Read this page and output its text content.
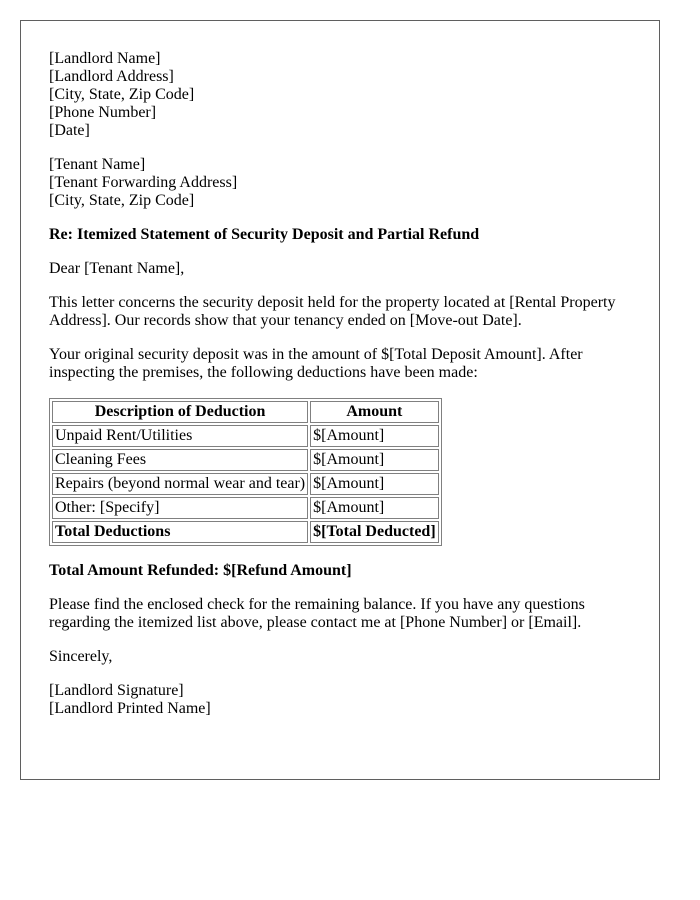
[Landlord Name]
[Landlord Address]
[City, State, Zip Code]
[Phone Number]
[Date]
[Tenant Name]
[Tenant Forwarding Address]
[City, State, Zip Code]

Re: Itemized Statement of Security Deposit and Partial Refund

Dear [Tenant Name],

This letter concerns the security deposit held for the property located at [Rental Property Address]. Our records show that your tenancy ended on [Move-out Date].

Your original security deposit was in the amount of $[Total Deposit Amount]. After inspecting the premises, the following deductions have been made:

Description of Deduction	Amount
Unpaid Rent/Utilities	$[Amount]
Cleaning Fees	$[Amount]
Repairs (beyond normal wear and tear)	$[Amount]
Other: [Specify]	$[Amount]
Total Deductions	$[Total Deducted]

Total Amount Refunded: $[Refund Amount]

Please find the enclosed check for the remaining balance. If you have any questions regarding the itemized list above, please contact me at [Phone Number] or [Email].

Sincerely,

[Landlord Signature]
[Landlord Printed Name]
